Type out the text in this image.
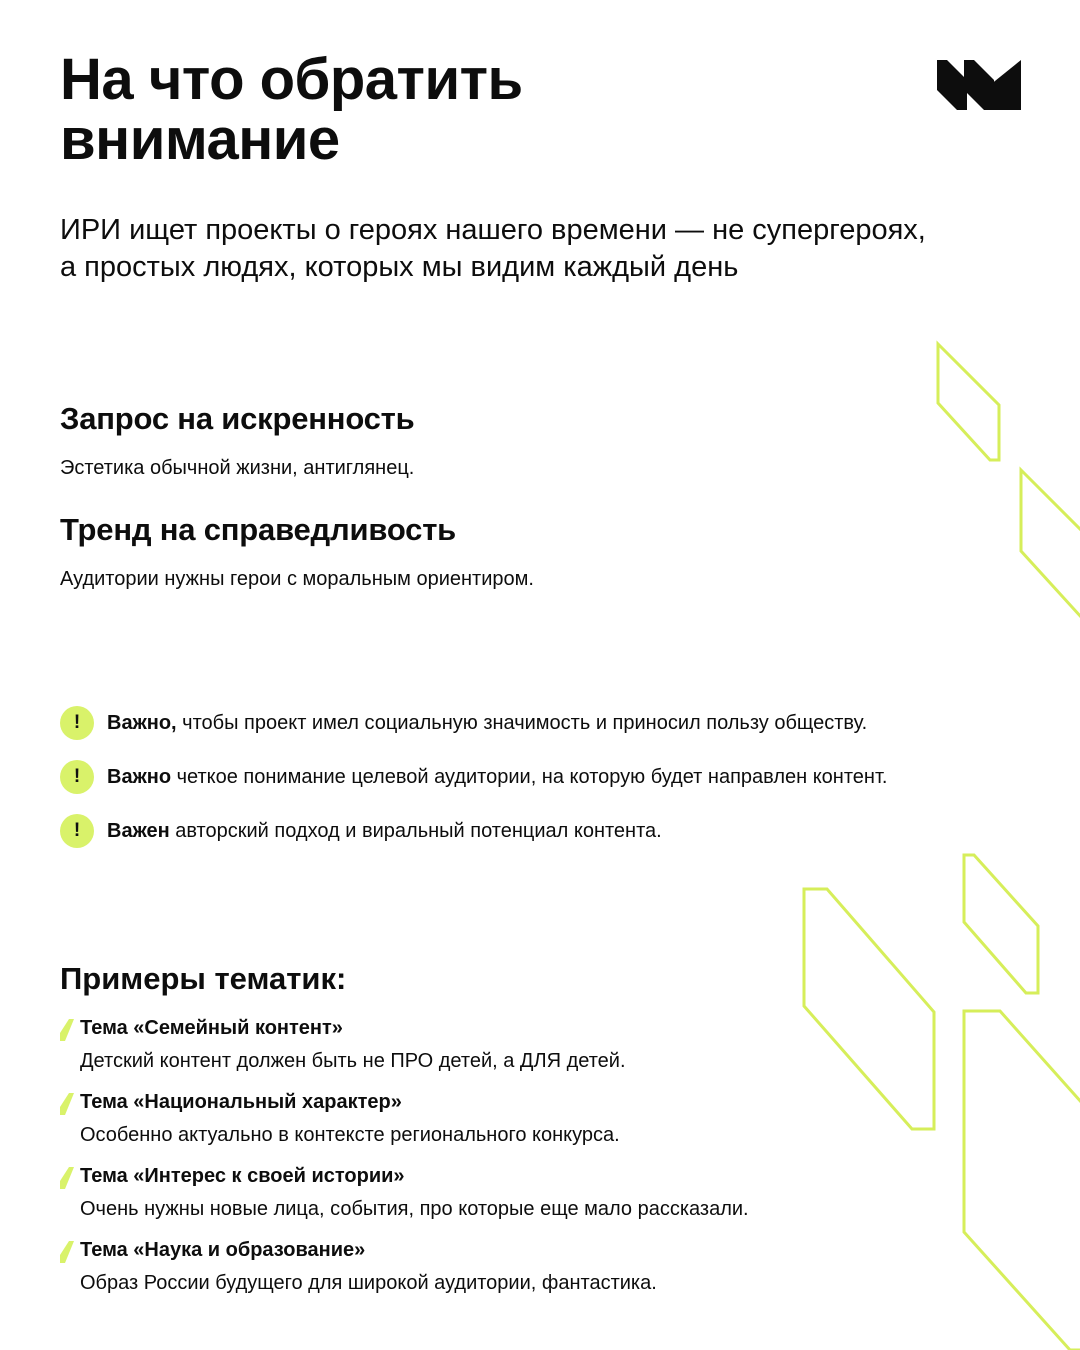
На что обратить
внимание

ИРИ ищет проекты о героях нашего времени — не супергероях,
а простых людях, которых мы видим каждый день

Запрос на искренность

Эстетика обычной жизни, антиглянец.

Тренд на справедливость

Аудитории нужны герои с моральным ориентиром.

!	Важно, чтобы проект имел социальную значимость и приносил пользу обществу.
!	Важно четкое понимание целевой аудитории, на которую будет направлен контент.
!	Важен авторский подход и виральный потенциал контента.
Примеры тематик:
Тема «Семейный контент»
Детский контент должен быть не ПРО детей, а ДЛЯ детей.
Тема «Национальный характер»
Особенно актуально в контексте регионального конкурса.
Тема «Интерес к своей истории»
Очень нужны новые лица, события, про которые еще мало рассказали.
Тема «Наука и образование»
Образ России будущего для широкой аудитории, фантастика.
